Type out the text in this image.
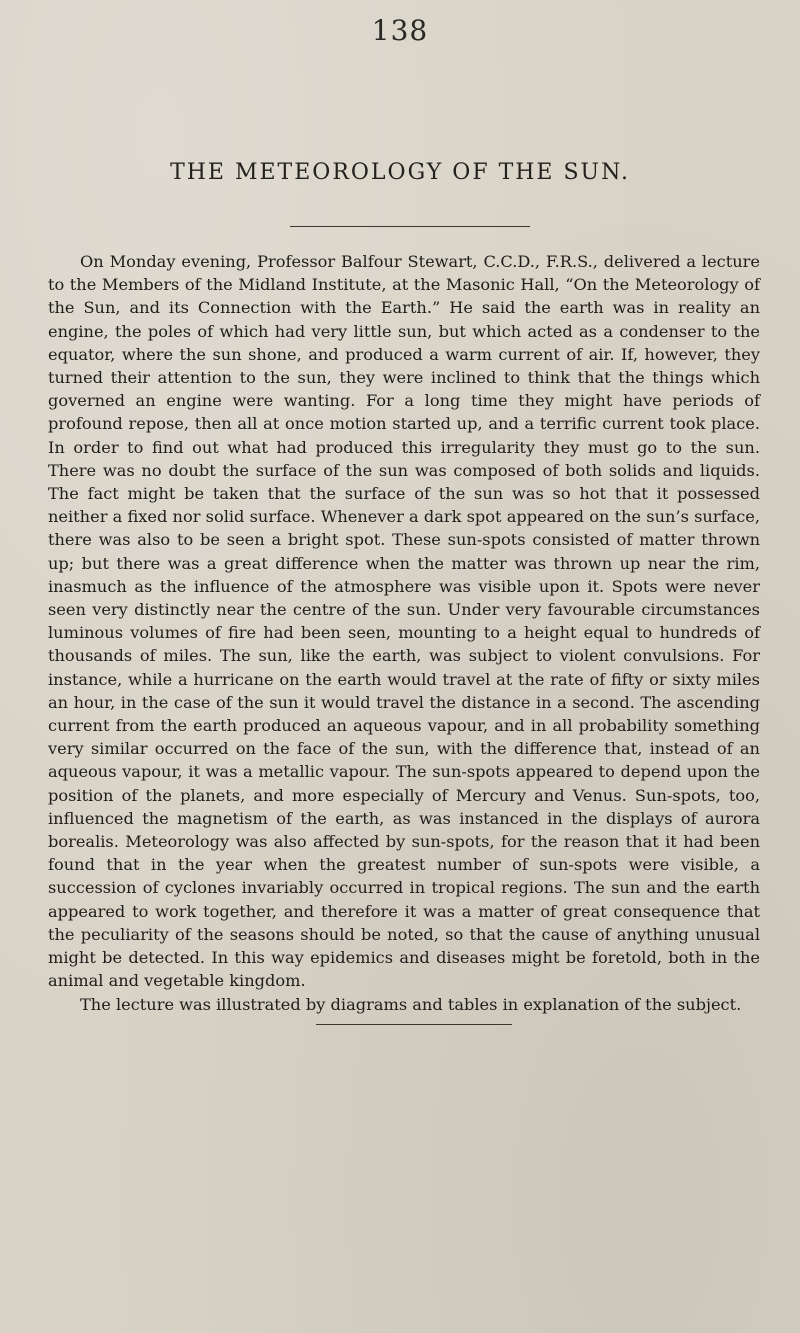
138
THE METEOROLOGY OF THE SUN.

On Monday evening, Professor Balfour Stewart, C.C.D., F.R.S., delivered a lecture to the Members of the Midland Institute, at the Masonic Hall, “On the Meteorology of the Sun, and its Connection with the Earth.” He said the earth was in reality an engine, the poles of which had very little sun, but which acted as a condenser to the equator, where the sun shone, and produced a warm current of air. If, however, they turned their attention to the sun, they were inclined to think that the things which governed an engine were wanting. For a long time they might have periods of profound repose, then all at once motion started up, and a terrific current took place. In order to find out what had produced this irregularity they must go to the sun. There was no doubt the surface of the sun was composed of both solids and liquids. The fact might be taken that the surface of the sun was so hot that it possessed neither a fixed nor solid surface. Whenever a dark spot appeared on the sun’s surface, there was also to be seen a bright spot. These sun-spots consisted of matter thrown up; but there was a great difference when the matter was thrown up near the rim, inasmuch as the influence of the atmosphere was visible upon it. Spots were never seen very distinctly near the centre of the sun. Under very favourable circumstances luminous volumes of fire had been seen, mounting to a height equal to hundreds of thousands of miles. The sun, like the earth, was subject to violent convulsions. For instance, while a hurricane on the earth would travel at the rate of fifty or sixty miles an hour, in the case of the sun it would travel the distance in a second. The ascending current from the earth produced an aqueous vapour, and in all probability something very similar occurred on the face of the sun, with the difference that, instead of an aqueous vapour, it was a metallic vapour. The sun-spots appeared to depend upon the position of the planets, and more especially of Mercury and Venus. Sun-spots, too, influenced the magnetism of the earth, as was instanced in the displays of aurora borealis. Meteorology was also affected by sun-spots, for the reason that it had been found that in the year when the greatest number of sun-spots were visible, a succession of cyclones invariably occurred in tropical regions. The sun and the earth appeared to work together, and therefore it was a matter of great consequence that the peculiarity of the seasons should be noted, so that the cause of anything unusual might be detected. In this way epidemics and diseases might be foretold, both in the animal and vegetable kingdom.

The lecture was illustrated by diagrams and tables in explanation of the subject.
